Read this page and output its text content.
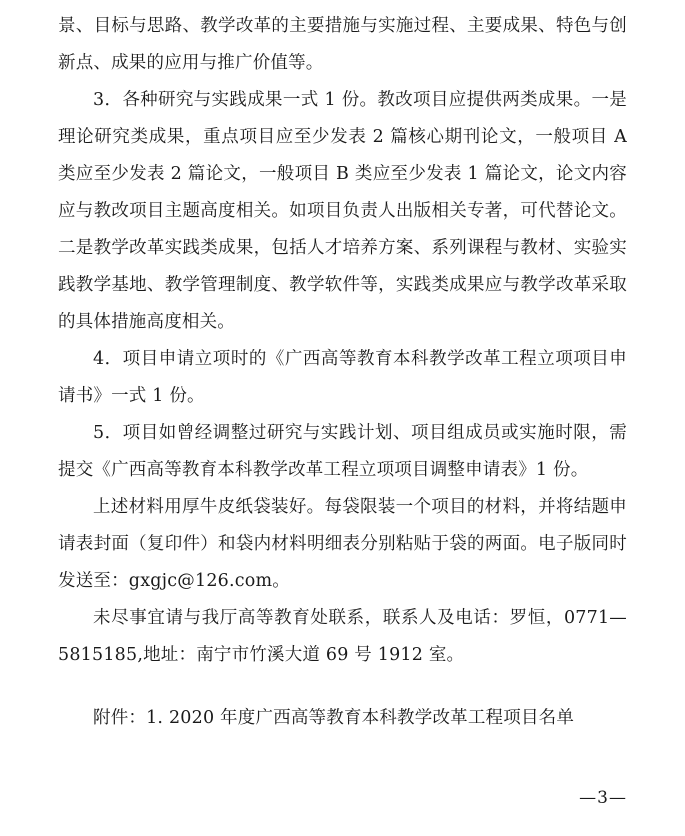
景、目标与思路、教学改革的主要措施与实施过程、主要成果、特色与创新点、成果的应用与推广价值等。

3．各种研究与实践成果一式 1 份。教改项目应提供两类成果。一是理论研究类成果，重点项目应至少发表 2 篇核心期刊论文，一般项目 A 类应至少发表 2 篇论文，一般项目 B 类应至少发表 1 篇论文，论文内容应与教改项目主题高度相关。如项目负责人出版相关专著，可代替论文。二是教学改革实践类成果，包括人才培养方案、系列课程与教材、实验实践教学基地、教学管理制度、教学软件等，实践类成果应与教学改革采取的具体措施高度相关。

4．项目申请立项时的《广西高等教育本科教学改革工程立项项目申请书》一式 1 份。

5．项目如曾经调整过研究与实践计划、项目组成员或实施时限，需提交《广西高等教育本科教学改革工程立项项目调整申请表》1 份。

上述材料用厚牛皮纸袋装好。每袋限装一个项目的材料，并将结题申请表封面（复印件）和袋内材料明细表分别粘贴于袋的两面。电子版同时发送至：gxgjc@126.com。

未尽事宜请与我厅高等教育处联系，联系人及电话：罗恒，0771—5815185,地址：南宁市竹溪大道 69 号 1912 室。

附件：1. 2020 年度广西高等教育本科教学改革工程项目名单

—3—
